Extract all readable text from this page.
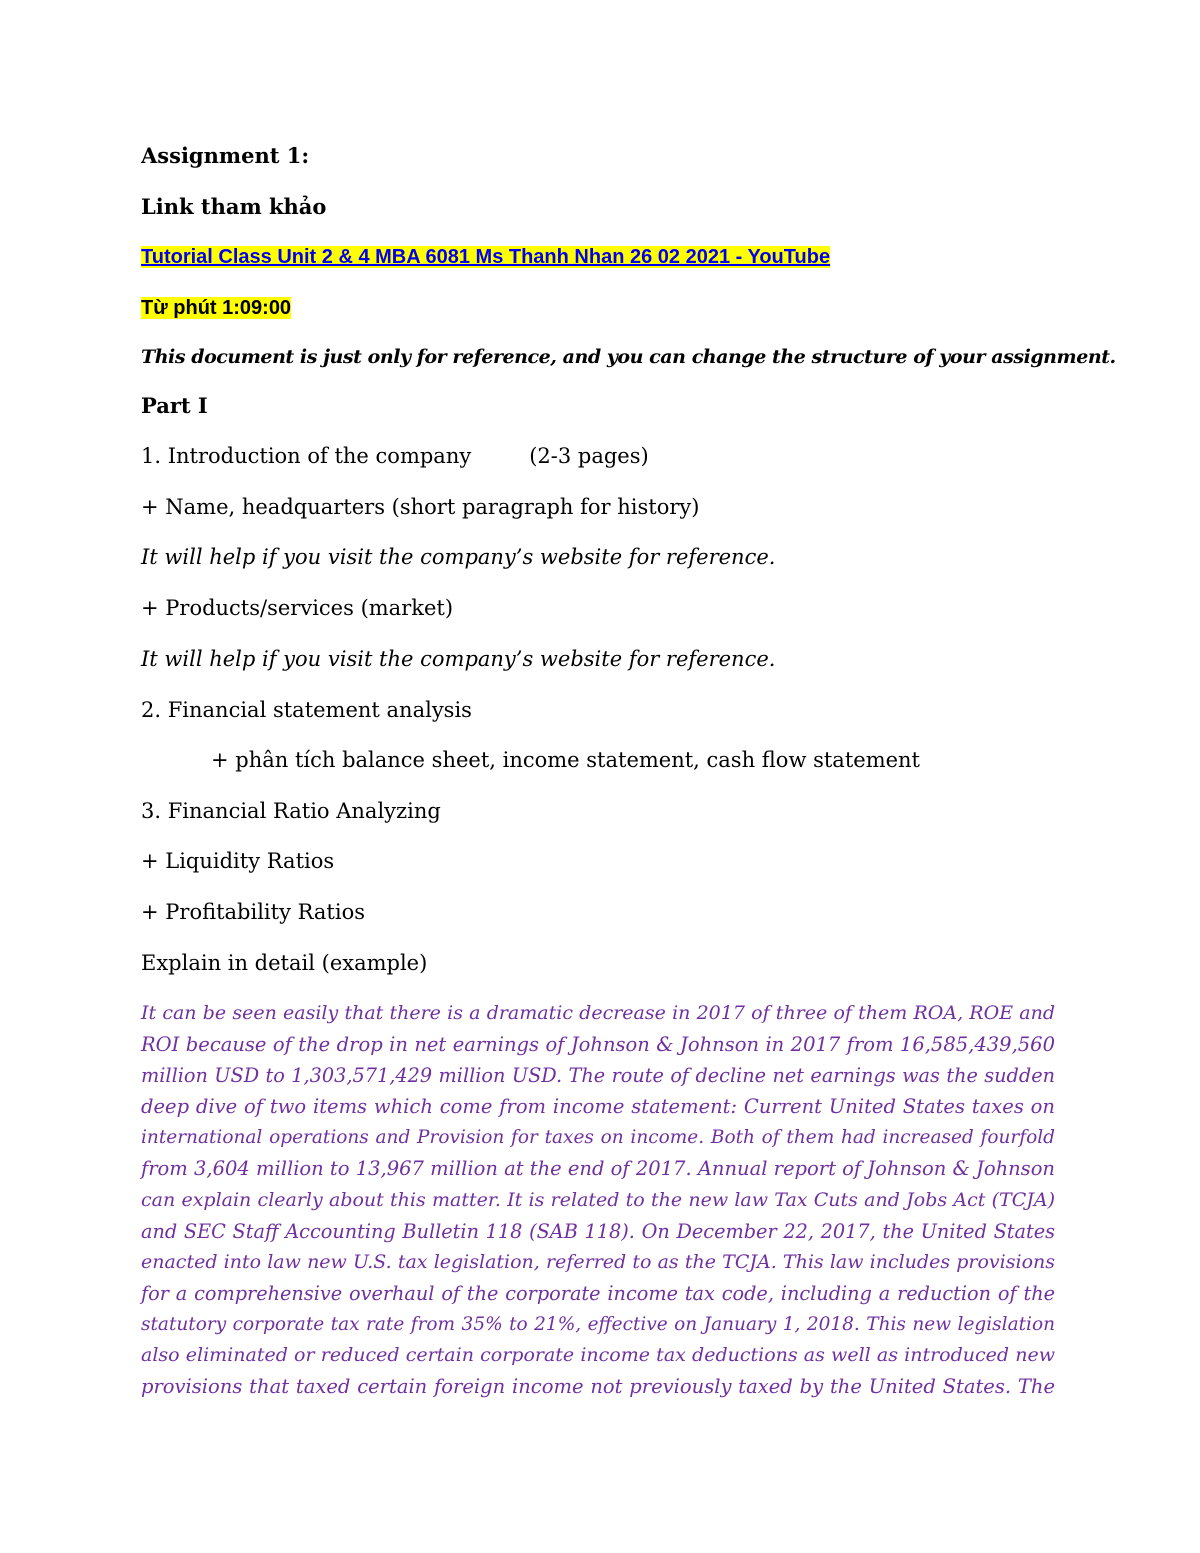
Assignment 1:

Link tham khảo

Tutorial Class Unit 2 & 4 MBA 6081 Ms Thanh Nhan 26 02 2021 - YouTube

Từ phút 1:09:00

This document is just only for reference, and you can change the structure of your assignment.

Part I

1. Introduction of the company	(2-3 pages)

+ Name, headquarters (short paragraph for history)

It will help if you visit the company’s website for reference.

+ Products/services (market)

It will help if you visit the company’s website for reference.

2. Financial statement analysis

+ phân tích balance sheet, income statement, cash flow statement

3. Financial Ratio Analyzing

+ Liquidity Ratios

+ Profitability Ratios

Explain in detail (example)

It can be seen easily that there is a dramatic decrease in 2017 of three of them ROA, ROE and
ROI because of the drop in net earnings of Johnson & Johnson in 2017 from 16,585,439,560
million USD to 1,303,571,429 million USD. The route of decline net earnings was the sudden
deep dive of two items which come from income statement: Current United States taxes on
international operations and Provision for taxes on income. Both of them had increased fourfold
from 3,604 million to 13,967 million at the end of 2017. Annual report of Johnson & Johnson
can explain clearly about this matter. It is related to the new law Tax Cuts and Jobs Act (TCJA)
and SEC Staff Accounting Bulletin 118 (SAB 118). On December 22, 2017, the United States
enacted into law new U.S. tax legislation, referred to as the TCJA. This law includes provisions
for a comprehensive overhaul of the corporate income tax code, including a reduction of the
statutory corporate tax rate from 35% to 21%, effective on January 1, 2018. This new legislation
also eliminated or reduced certain corporate income tax deductions as well as introduced new
provisions that taxed certain foreign income not previously taxed by the United States. The
